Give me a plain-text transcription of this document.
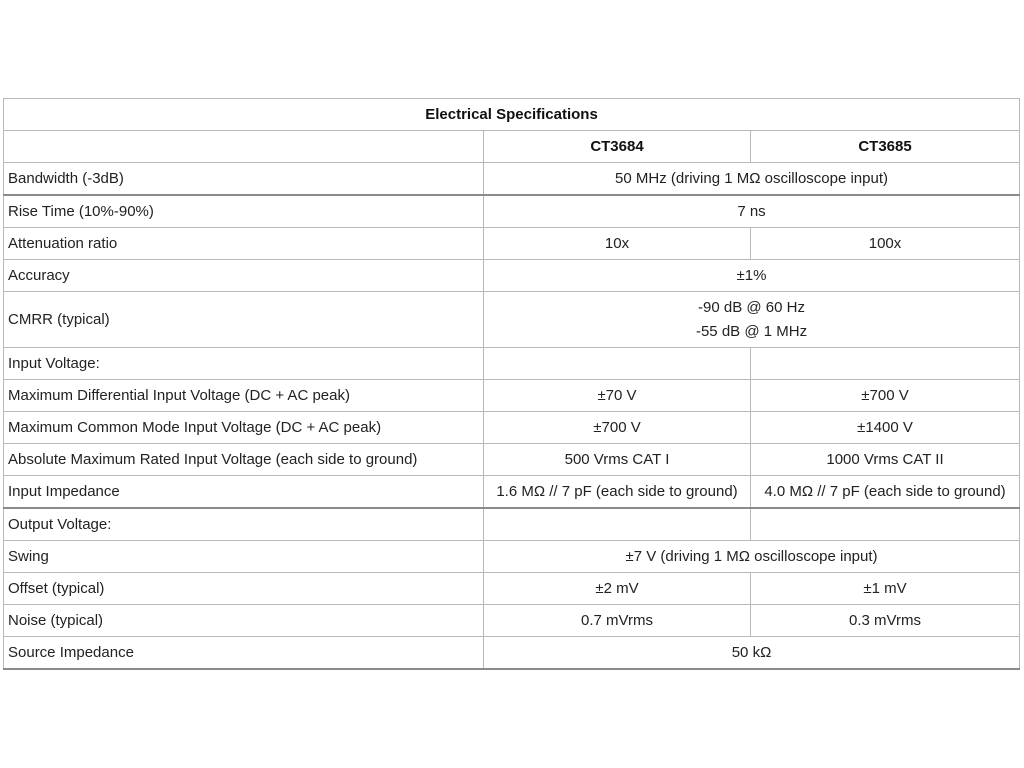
Electrical Specifications		
	CT3684	CT3685
Bandwidth (-3dB)	50 MHz (driving 1 MΩ oscilloscope input)	
Rise Time (10%-90%)	7 ns	
Attenuation ratio	10x	100x
Accuracy	±1%	
CMRR (typical)	-90 dB @ 60 Hz
-55 dB @ 1 MHz	

Input Voltage:		
Maximum Differential Input Voltage (DC + AC peak)	±70 V	±700 V
Maximum Common Mode Input Voltage (DC + AC peak)	±700 V	±1400 V
Absolute Maximum Rated Input Voltage (each side to ground)	500 Vrms CAT I	1000 Vrms CAT II
Input Impedance	1.6 MΩ // 7 pF (each side to ground)	4.0 MΩ // 7 pF (each side to ground)
Output Voltage:		
Swing	±7 V (driving 1 MΩ oscilloscope input)	
Offset (typical)	±2 mV	±1 mV
Noise (typical)	0.7 mVrms	0.3 mVrms
Source Impedance	50 kΩ	
